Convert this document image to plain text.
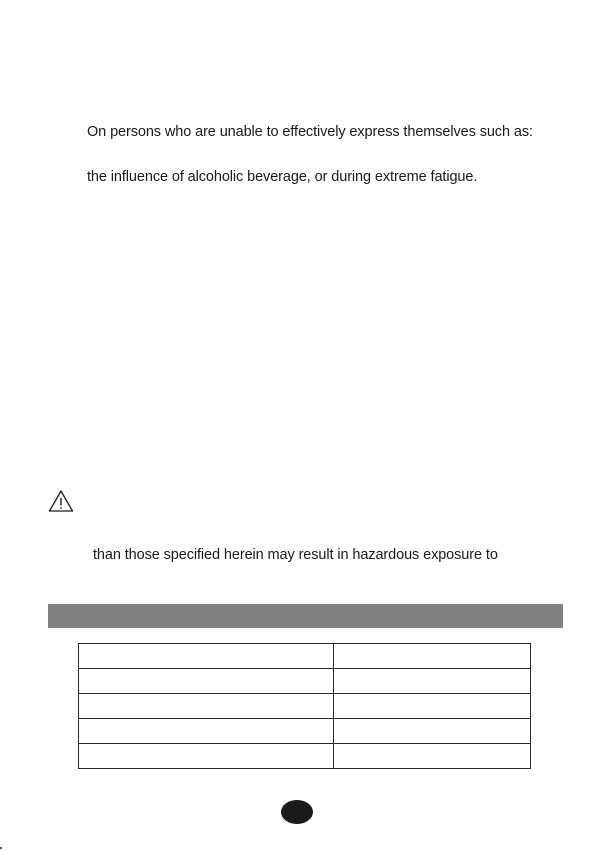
On persons who are unable to effectively express themselves such as:
the influence of alcoholic beverage, or during extreme fatigue.
than those specified herein may result in hazardous exposure to
